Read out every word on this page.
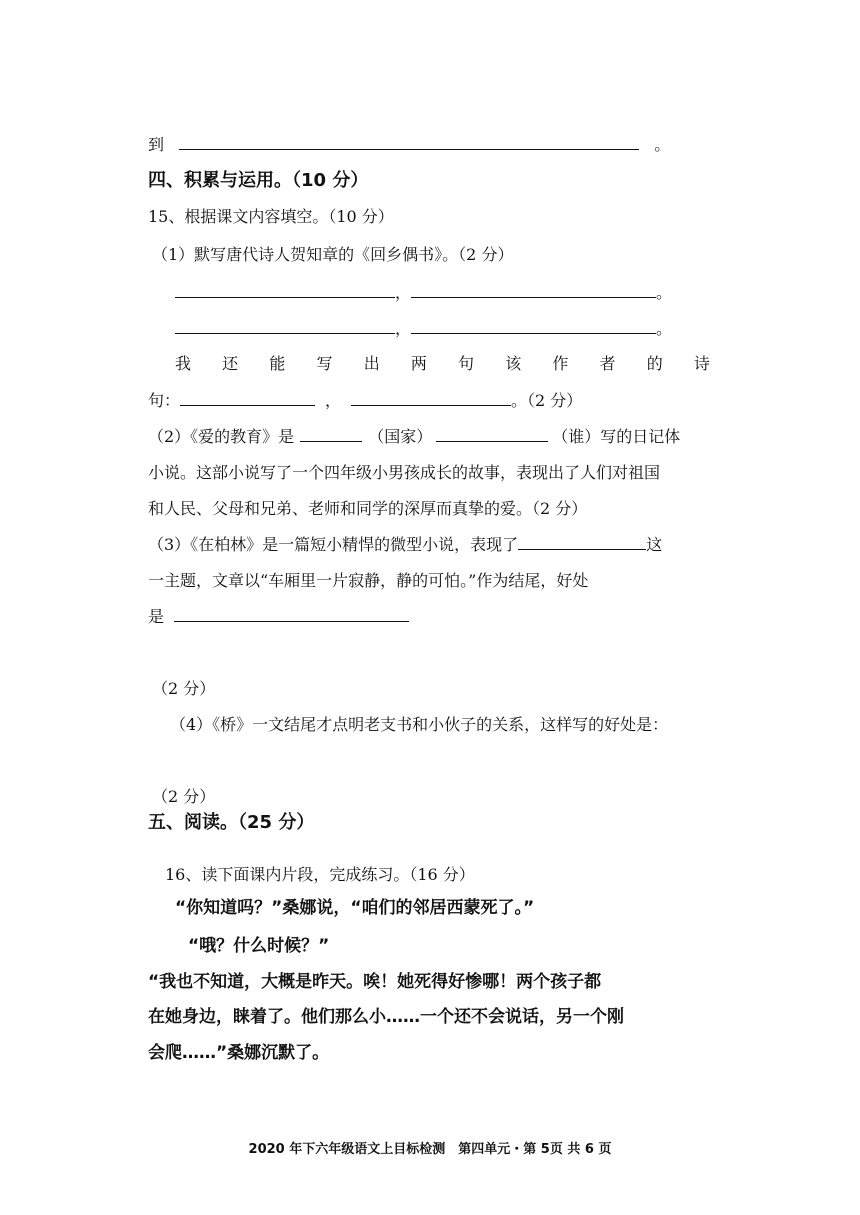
到	。
四、积累与运用。（10 分）
15、根据课文内容填空。（10 分）
（1）默写唐代诗人贺知章的《回乡偶书》。（2 分）
，	。
，	。
我 还 能 写 出 两 句 该 作 者 的 诗
句：	，	。（2 分）
（2）《爱的教育》是	（国家）	（谁）写的日记体
小说。这部小说写了一个四年级小男孩成长的故事，表现出了人们对祖国
和人民、父母和兄弟、老师和同学的深厚而真挚的爱。（2 分）
（3）《在柏林》是一篇短小精悍的微型小说，表现了	这
一主题，文章以“车厢里一片寂静，静的可怕。”作为结尾，好处
是
（2 分）
（4）《桥》一文结尾才点明老支书和小伙子的关系，这样写的好处是：
（2 分）
五、阅读。（25 分）
16、读下面课内片段，完成练习。（16 分）
“你知道吗？”桑娜说，“咱们的邻居西蒙死了。”
“哦？什么时候？”
“我也不知道，大概是昨天。唉！她死得好惨哪！两个孩子都
在她身边，睐着了。他们那么小……一个还不会说话，另一个刚
会爬……”桑娜沉默了。
2020 年下六年级语文上目标检测　第四单元・第 5页 共 6 页
